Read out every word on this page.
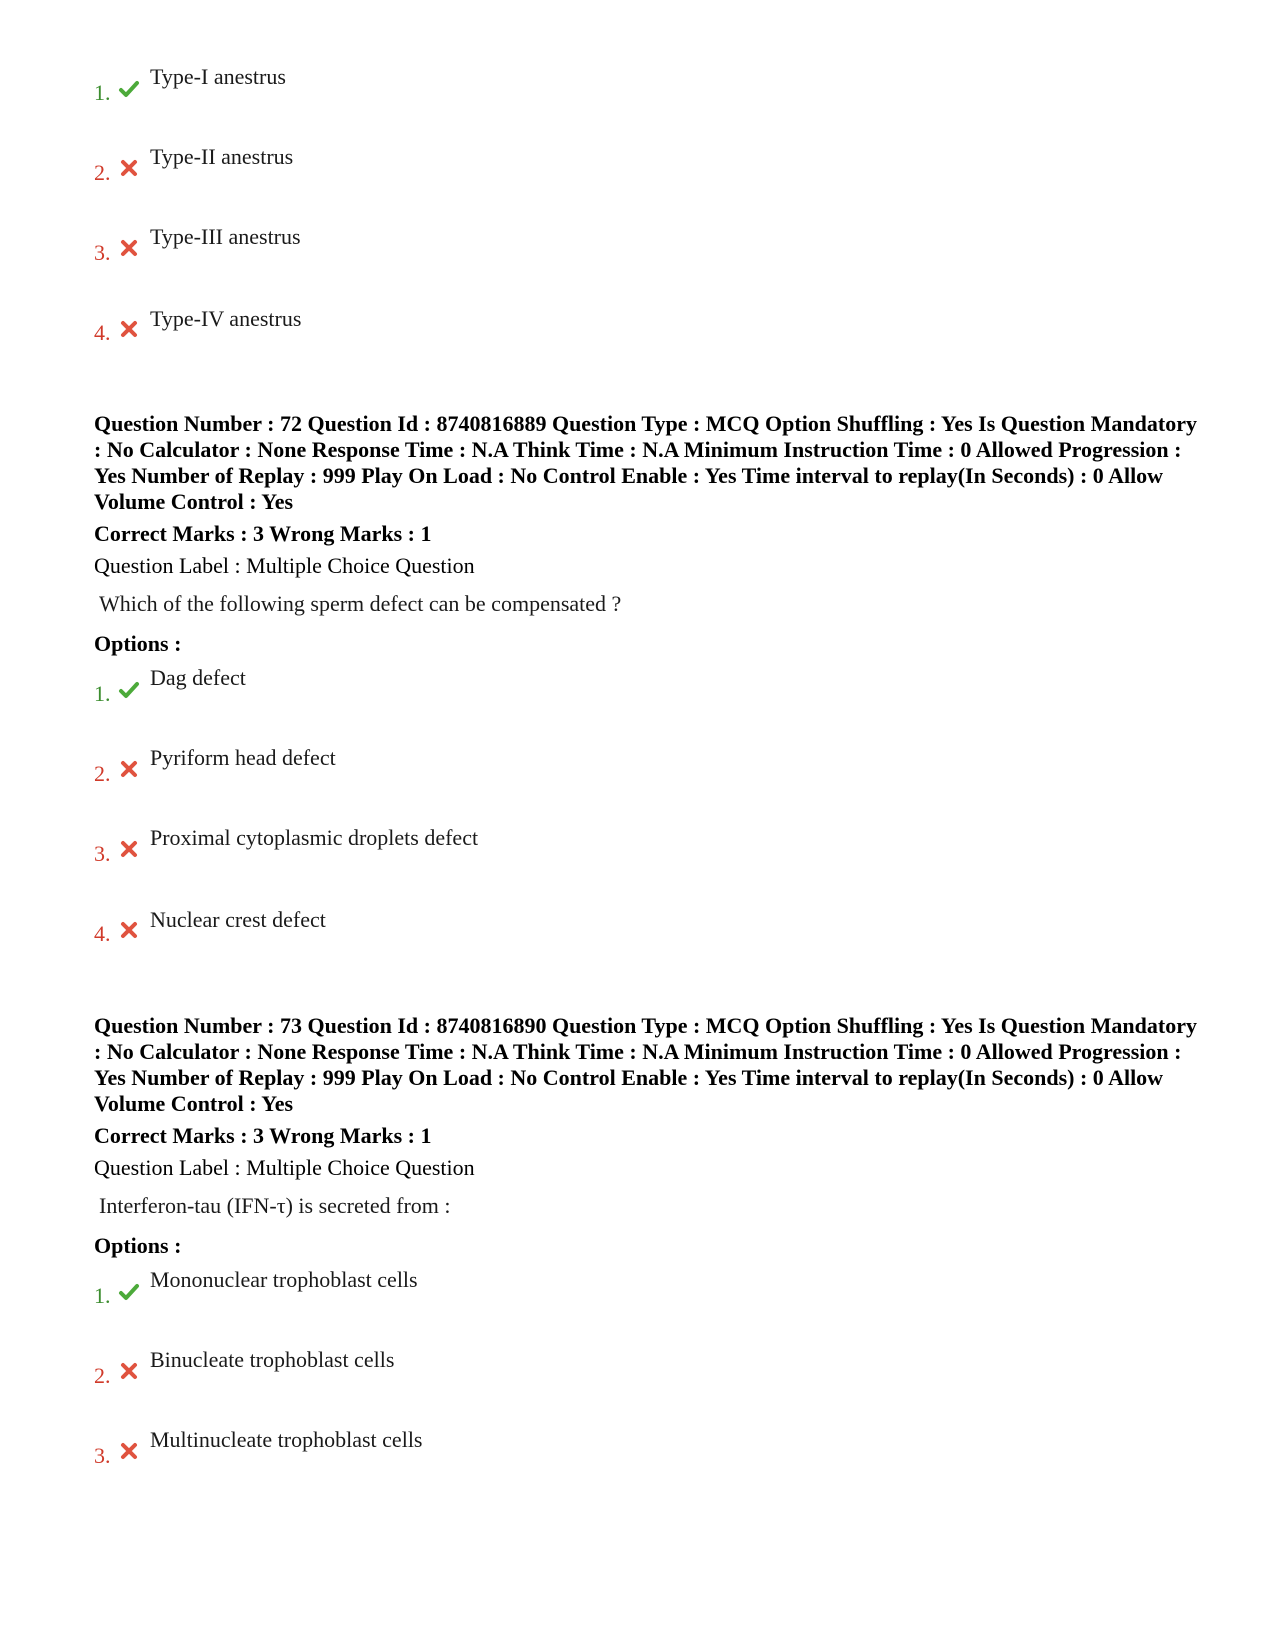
1.
Type-I anestrus
2.
Type-II anestrus
3.
Type-III anestrus
4.
Type-IV anestrus

Question Number : 72 Question Id : 8740816889 Question Type : MCQ Option Shuffling : Yes Is Question Mandatory : No Calculator : None Response Time : N.A Think Time : N.A Minimum Instruction Time : 0 Allowed Progression : Yes Number of Replay : 999 Play On Load : No Control Enable : Yes Time interval to replay(In Seconds) : 0 Allow Volume Control : Yes

Correct Marks : 3 Wrong Marks : 1
Question Label : Multiple Choice Question
Which of the following sperm defect can be compensated ?
Options :
1.
Dag defect
2.
Pyriform head defect
3.
Proximal cytoplasmic droplets defect
4.
Nuclear crest defect

Question Number : 73 Question Id : 8740816890 Question Type : MCQ Option Shuffling : Yes Is Question Mandatory : No Calculator : None Response Time : N.A Think Time : N.A Minimum Instruction Time : 0 Allowed Progression : Yes Number of Replay : 999 Play On Load : No Control Enable : Yes Time interval to replay(In Seconds) : 0 Allow Volume Control : Yes

Correct Marks : 3 Wrong Marks : 1
Question Label : Multiple Choice Question
Interferon-tau (IFN-τ) is secreted from :
Options :
1.
Mononuclear trophoblast cells
2.
Binucleate trophoblast cells
3.
Multinucleate trophoblast cells
